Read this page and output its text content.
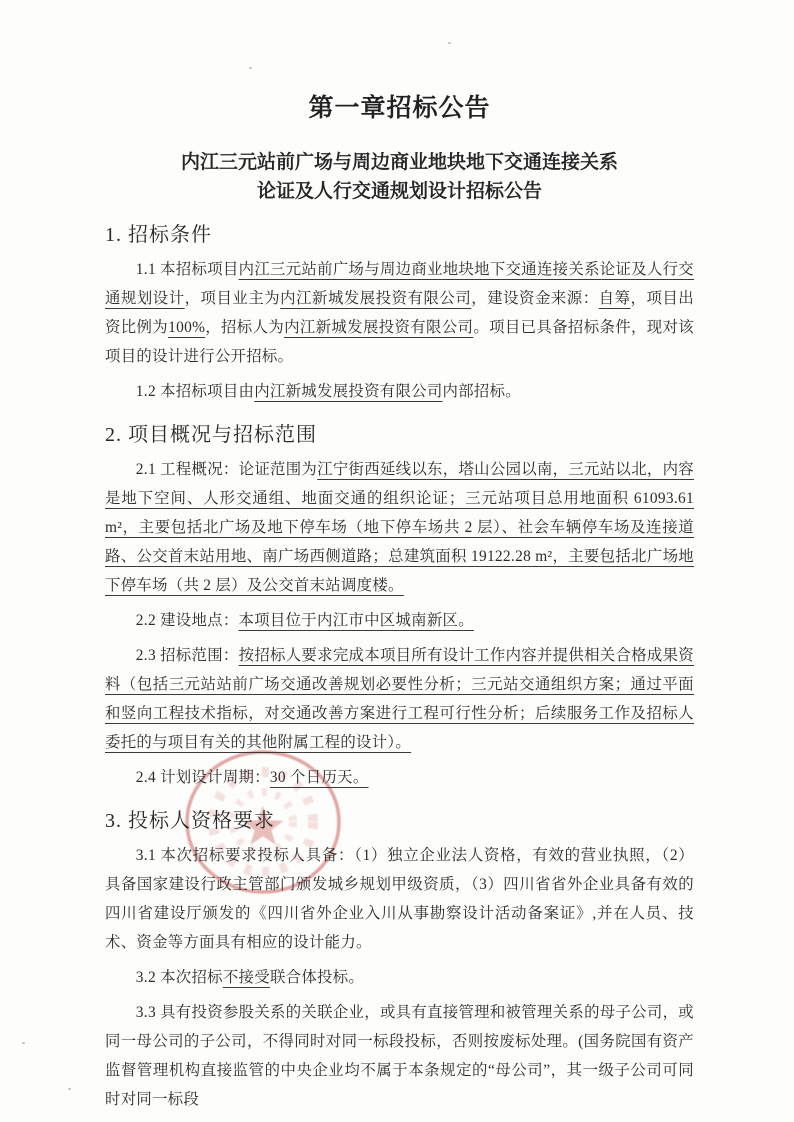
第一章招标公告
内江三元站前广场与周边商业地块地下交通连接关系
论证及人行交通规划设计招标公告
1. 招标条件

1.1 本招标项目内江三元站前广场与周边商业地块地下交通连接关系论证及人行交通规划设计，项目业主为内江新城发展投资有限公司，建设资金来源：自筹，项目出资比例为100%，招标人为内江新城发展投资有限公司。项目已具备招标条件，现对该项目的设计进行公开招标。

1.2 本招标项目由内江新城发展投资有限公司内部招标。

2. 项目概况与招标范围

2.1 工程概况：论证范围为江宁街西延线以东，塔山公园以南，三元站以北，内容是地下空间、人形交通组、地面交通的组织论证；三元站项目总用地面积 61093.61 m²，主要包括北广场及地下停车场（地下停车场共 2 层）、社会车辆停车场及连接道路、公交首末站用地、南广场西侧道路；总建筑面积 19122.28 m²，主要包括北广场地下停车场（共 2 层）及公交首末站调度楼。

2.2 建设地点：本项目位于内江市中区城南新区。

2.3 招标范围：按招标人要求完成本项目所有设计工作内容并提供相关合格成果资料（包括三元站站前广场交通改善规划必要性分析；三元站交通组织方案；通过平面和竖向工程技术指标，对交通改善方案进行工程可行性分析；后续服务工作及招标人委托的与项目有关的其他附属工程的设计）。

2.4 计划设计周期：30 个日历天。

3. 投标人资格要求

3.1 本次招标要求投标人具备：（1）独立企业法人资格，有效的营业执照，（2）具备国家建设行政主管部门颁发城乡规划甲级资质，（3）四川省省外企业具备有效的四川省建设厅颁发的《四川省外企业入川从事勘察设计活动备案证》,并在人员、技术、资金等方面具有相应的设计能力。

3.2 本次招标不接受联合体投标。

3.3 具有投资参股关系的关联企业，或具有直接管理和被管理关系的母子公司，或同一母公司的子公司，不得同时对同一标段投标，否则按废标处理。(国务院国有资产监督管理机构直接监管的中央企业均不属于本条规定的“母公司”，其一级子公司可同时对同一标段
